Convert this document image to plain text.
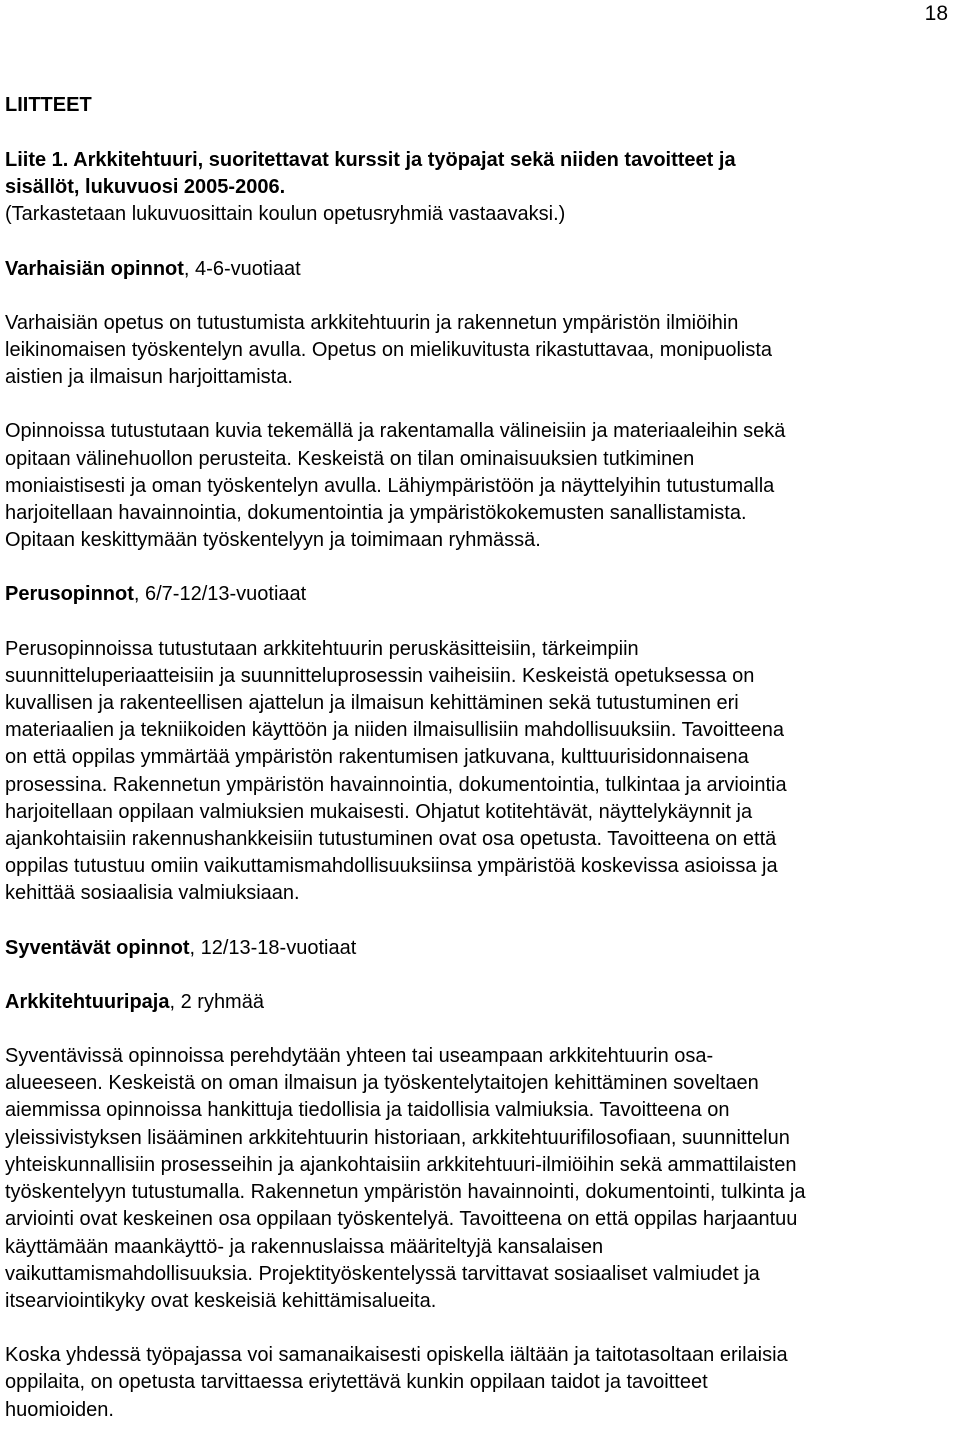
18
LIITTEET
Liite 1. Arkkitehtuuri, suoritettavat kurssit ja työpajat sekä niiden tavoitteet ja
sisällöt, lukuvuosi 2005-2006.
(Tarkastetaan lukuvuosittain koulun opetusryhmiä vastaavaksi.)
Varhaisiän opinnot, 4-6-vuotiaat
Varhaisiän opetus on tutustumista arkkitehtuurin ja rakennetun ympäristön ilmiöihin
leikinomaisen työskentelyn avulla. Opetus on mielikuvitusta rikastuttavaa, monipuolista
aistien ja ilmaisun harjoittamista.
Opinnoissa tutustutaan kuvia tekemällä ja rakentamalla välineisiin ja materiaaleihin sekä
opitaan välinehuollon perusteita. Keskeistä on tilan ominaisuuksien tutkiminen
moniaistisesti ja oman työskentelyn avulla. Lähiympäristöön ja näyttelyihin tutustumalla
harjoitellaan havainnointia, dokumentointia ja ympäristökokemusten sanallistamista.
Opitaan keskittymään työskentelyyn ja toimimaan ryhmässä.
Perusopinnot, 6/7-12/13-vuotiaat
Perusopinnoissa tutustutaan arkkitehtuurin peruskäsitteisiin, tärkeimpiin
suunnitteluperiaatteisiin ja suunnitteluprosessin vaiheisiin. Keskeistä opetuksessa on
kuvallisen ja rakenteellisen ajattelun ja ilmaisun kehittäminen sekä tutustuminen eri
materiaalien ja tekniikoiden käyttöön ja niiden ilmaisullisiin mahdollisuuksiin. Tavoitteena
on että oppilas ymmärtää ympäristön rakentumisen jatkuvana, kulttuurisidonnaisena
prosessina. Rakennetun ympäristön havainnointia, dokumentointia, tulkintaa ja arviointia
harjoitellaan oppilaan valmiuksien mukaisesti. Ohjatut kotitehtävät, näyttelykäynnit ja
ajankohtaisiin rakennushankkeisiin tutustuminen ovat osa opetusta. Tavoitteena on että
oppilas tutustuu omiin vaikuttamismahdollisuuksiinsa ympäristöä koskevissa asioissa ja
kehittää sosiaalisia valmiuksiaan.
Syventävät opinnot, 12/13-18-vuotiaat
Arkkitehtuuripaja, 2 ryhmää
Syventävissä opinnoissa perehdytään yhteen tai useampaan arkkitehtuurin osa-
alueeseen. Keskeistä on oman ilmaisun ja työskentelytaitojen kehittäminen soveltaen
aiemmissa opinnoissa hankittuja tiedollisia ja taidollisia valmiuksia. Tavoitteena on
yleissivistyksen lisääminen arkkitehtuurin historiaan, arkkitehtuurifilosofiaan, suunnittelun
yhteiskunnallisiin prosesseihin ja ajankohtaisiin arkkitehtuuri-ilmiöihin sekä ammattilaisten
työskentelyyn tutustumalla. Rakennetun ympäristön havainnointi, dokumentointi, tulkinta ja
arviointi ovat keskeinen osa oppilaan työskentelyä. Tavoitteena on että oppilas harjaantuu
käyttämään maankäyttö- ja rakennuslaissa määriteltyjä kansalaisen
vaikuttamismahdollisuuksia. Projektityöskentelyssä tarvittavat sosiaaliset valmiudet ja
itsearviointikyky ovat keskeisiä kehittämisalueita.
Koska yhdessä työpajassa voi samanaikaisesti opiskella iältään ja taitotasoltaan erilaisia
oppilaita, on opetusta tarvittaessa eriytettävä kunkin oppilaan taidot ja tavoitteet
huomioiden.
